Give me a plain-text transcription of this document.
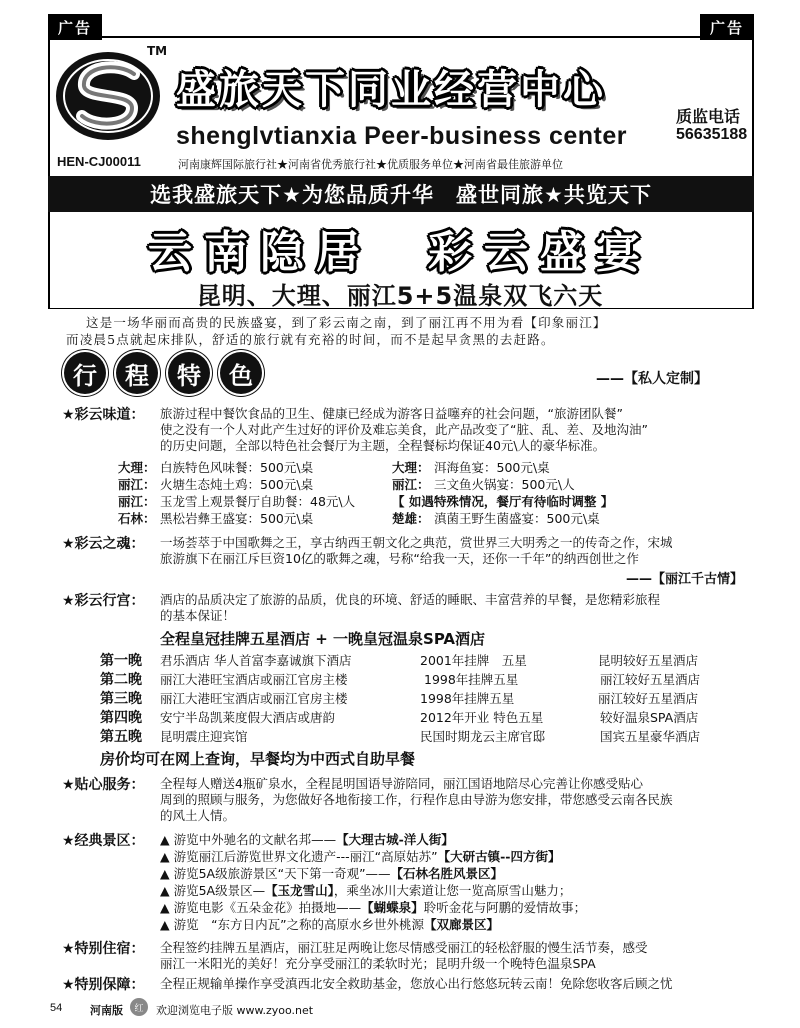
广告	广告
TM
盛旅天下同业经营中心
shenglvtianxia Peer-business center
质监电话
56635188
HEN-CJ00011	河南康辉国际旅行社★河南省优秀旅行社★优质服务单位★河南省最佳旅游单位
选我盛旅天下★为您品质升华　盛世同旅★共览天下
云南隐居　彩云盛宴
昆明、大理、丽江5+5温泉双飞六天
这是一场华丽而高贵的民族盛宴，到了彩云南之南，到了丽江再不用为看【印象丽江】
而凌晨5点就起床排队，舒适的旅行就有充裕的时间，而不是起早贪黑的去赶路。
行	程	特	色	——【私人定制】
★彩云味道： 旅游过程中餐饮食品的卫生、健康已经成为游客日益噻弃的社会问题，“旅游团队餐”
使之没有一个人对此产生过好的评价及难忘美食，此产品改变了“脏、乱、差、及地沟油”
的历史问题，全部以特色社会餐厅为主题，全程餐标均保证40元\人的豪华标准。
大理： 白族特色风味餐：500元\桌	大理： 洱海鱼宴：500元\桌
丽江： 火塘生态炖土鸡：500元\桌	丽江： 三文鱼火锅宴：500元\人
丽江： 玉龙雪上观景餐厅自助餐：48元\人	【 如遇特殊情况，餐厅有待临时调整 】
石林： 黑松岩彝王盛宴：500元\桌	楚雄： 滇菌王野生菌盛宴：500元\桌
★彩云之魂： 一场荟萃于中国歌舞之王，享古纳西王朝文化之典范，赏世界三大明秀之一的传奇之作，宋城
旅游旗下在丽江斥巨资10亿的歌舞之魂，号称“给我一天，还你一千年”的纳西创世之作
——【丽江千古情】
★彩云行宫： 酒店的品质决定了旅游的品质，优良的环境、舒适的睡眠、丰富营养的早餐，是您精彩旅程
的基本保证！
全程皇冠挂牌五星酒店 + 一晚皇冠温泉SPA酒店
第一晚 君乐酒店 华人首富李嘉诚旗下酒店	2001年挂牌　五星	昆明较好五星酒店
第二晚 丽江大港旺宝酒店或丽江官房主楼	1998年挂牌五星	丽江较好五星酒店
第三晚 丽江大港旺宝酒店或丽江官房主楼	1998年挂牌五星	丽江较好五星酒店
第四晚 安宁半岛凯莱度假大酒店或唐韵	2012年开业 特色五星	较好温泉SPA酒店
第五晚 昆明震庄迎宾馆	民国时期龙云主席官邸	国宾五星豪华酒店
房价均可在网上查询，早餐均为中西式自助早餐
★贴心服务： 全程每人赠送4瓶矿泉水，全程昆明国语导游陪同，丽江国语地陪尽心完善让你感受贴心
周到的照顾与服务，为您做好各地衔接工作，行程作息由导游为您安排，带您感受云南各民族
的风土人情。
★经典景区： ▲ 游览中外驰名的文献名邦——【大理古城-洋人街】
▲ 游览丽江后游览世界文化遗产---丽江“高原姑苏”【大研古镇--四方街】
▲ 游览5A级旅游景区“天下第一奇观”——【石林名胜风景区】
▲ 游览5A级景区—【玉龙雪山】，乘坐冰川大索道让您一览高原雪山魅力；
▲ 游览电影《五朵金花》拍摄地——【蝴蝶泉】聆听金花与阿鹏的爱情故事；
▲ 游览　“东方日内瓦”之称的高原水乡世外桃源【双廊景区】
★特别住宿： 全程签约挂牌五星酒店，丽江驻足两晚让您尽情感受丽江的轻松舒服的慢生活节奏，感受
丽江一米阳光的美好！充分享受丽江的柔软时光；昆明升级一个晚特色温泉SPA
★特别保障： 全程正规输单操作享受滇西北安全救助基金，您放心出行悠悠玩转云南！免除您收客后顾之忧
54	河南版	红	欢迎浏览电子版 www.zyoo.net
